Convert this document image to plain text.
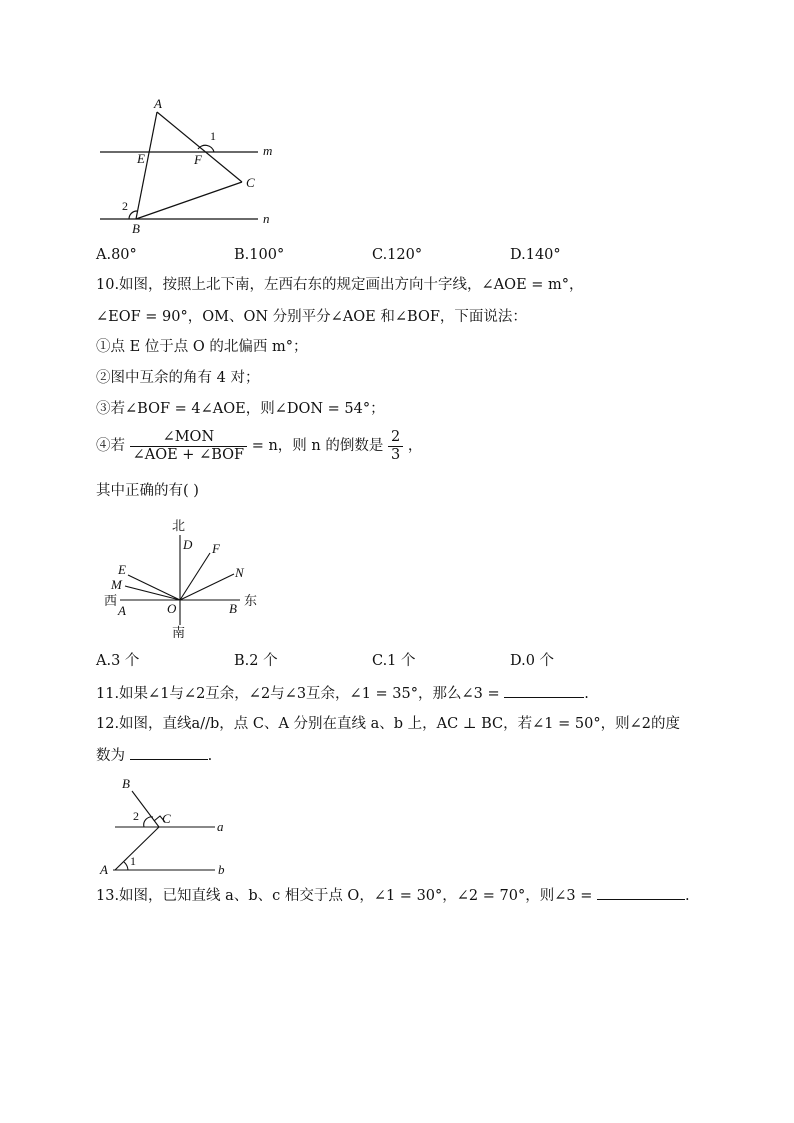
A
E	F
C
B
m
n
1
2
北
南
西	东
D F
N
E
M
A	O	B
B
C
a
A	b
2
1
A.80°	B.100°	C.120°	D.140°
10.如图，按照上北下南，左西右东的规定画出方向十字线，∠AOE = m°，
∠EOF = 90°，OM、ON 分别平分∠AOE 和∠BOF，下面说法：
①点 E 位于点 O 的北偏西 m°；
②图中互余的角有 4 对；
③若∠BOF = 4∠AOE，则∠DON = 54°；
④若 $\frac{\text{∠MON}}{\text{∠AOE + ∠BOF}} = n$，则 n 的倒数是 $\frac{2}{3}$ ，
其中正确的有( )
A.3 个	B.2 个	C.1 个	D.0 个
11.如果∠1与∠2互余，∠2与∠3互余，∠1 = 35°，那么∠3 =	.
12.如图，直线a//b，点 C、A 分别在直线 a、b 上，AC ⊥ BC，若∠1 = 50°，则∠2的度
数为	.
13.如图，已知直线 a、b、c 相交于点 O，∠1 = 30°，∠2 = 70°，则∠3 =	.
